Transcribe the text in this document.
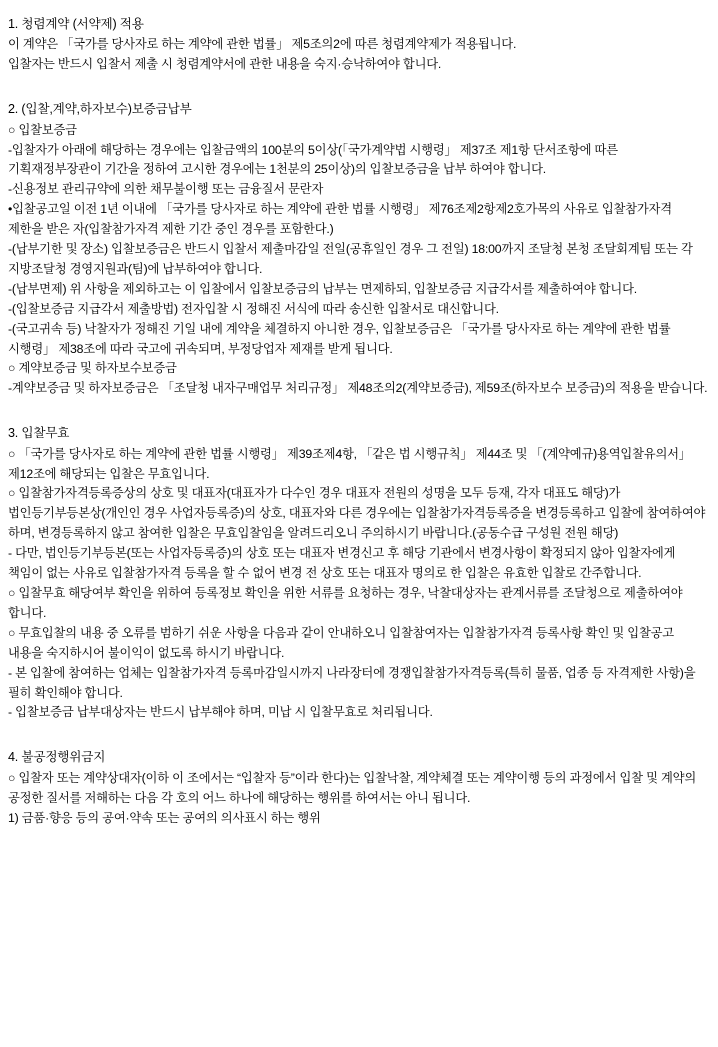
1. 청렴계약 (서약제) 적용

이 계약은 「국가를 당사자로 하는 계약에 관한 법률」 제5조의2에 따른 청렴계약제가 적용됩니다.

입찰자는 반드시 입찰서 제출 시 청렴계약서에 관한 내용을 숙지·승낙하여야 합니다.

2. (입찰,계약,하자보수)보증금납부

○ 입찰보증금

-입찰자가 아래에 해당하는 경우에는 입찰금액의 100분의 5이상(「국가계약법 시행령」 제37조 제1항 단서조항에 따른 기획재정부장관이 기간을 정하여 고시한 경우에는 1천분의 25이상)의 입찰보증금을 납부 하여야 합니다.

-신용정보 관리규약에 의한 채무불이행 또는 금융질서 문란자

•입찰공고일 이전 1년 이내에 「국가를 당사자로 하는 계약에 관한 법률 시행령」 제76조제2항제2호가목의 사유로 입찰참가자격 제한을 받은 자(입찰참가자격 제한 기간 중인 경우를 포함한다.)

-(납부기한 및 장소) 입찰보증금은 반드시 입찰서 제출마감일 전일(공휴일인 경우 그 전일) 18:00까지 조달청 본청 조달회계팀 또는 각 지방조달청 경영지원과(팀)에 납부하여야 합니다.

-(납부면제) 위 사항을 제외하고는 이 입찰에서 입찰보증금의 납부는 면제하되, 입찰보증금 지급각서를 제출하여야 합니다.

-(입찰보증금 지급각서 제출방법) 전자입찰 시 정해진 서식에 따라 송신한 입찰서로 대신합니다.

-(국고귀속 등) 낙찰자가 정해진 기일 내에 계약을 체결하지 아니한 경우, 입찰보증금은 「국가를 당사자로 하는 계약에 관한 법률 시행령」 제38조에 따라 국고에 귀속되며, 부정당업자 제재를 받게 됩니다.

○ 계약보증금 및 하자보수보증금

-계약보증금 및 하자보증금은 「조달청 내자구매업무 처리규정」 제48조의2(계약보증금), 제59조(하자보수 보증금)의 적용을 받습니다.

3. 입찰무효

○ 「국가를 당사자로 하는 계약에 관한 법률 시행령」 제39조제4항, 「같은 법 시행규칙」 제44조 및 「(계약예규)용역입찰유의서」 제12조에 해당되는 입찰은 무효입니다.

○ 입찰참가자격등록증상의 상호 및 대표자(대표자가 다수인 경우 대표자 전원의 성명을 모두 등재, 각자 대표도 해당)가 법인등기부등본상(개인인 경우 사업자등록증)의 상호, 대표자와 다른 경우에는 입찰참가자격등록증을 변경등록하고 입찰에 참여하여야 하며, 변경등록하지 않고 참여한 입찰은 무효입찰임을 알려드리오니 주의하시기 바랍니다.(공동수급 구성원 전원 해당)

- 다만, 법인등기부등본(또는 사업자등록증)의 상호 또는 대표자 변경신고 후 해당 기관에서 변경사항이 확정되지 않아 입찰자에게 책임이 없는 사유로 입찰참가자격 등록을 할 수 없어 변경 전 상호 또는 대표자 명의로 한 입찰은 유효한 입찰로 간주합니다.

○ 입찰무효 해당여부 확인을 위하여 등록정보 확인을 위한 서류를 요청하는 경우, 낙찰대상자는 관계서류를 조달청으로 제출하여야 합니다.

○ 무효입찰의 내용 중 오류를 범하기 쉬운 사항을 다음과 같이 안내하오니 입찰참여자는 입찰참가자격 등록사항 확인 및 입찰공고 내용을 숙지하시어 불이익이 없도록 하시기 바랍니다.

- 본 입찰에 참여하는 업체는 입찰참가자격 등록마감일시까지 나라장터에 경쟁입찰참가자격등록(특히 물품, 업종 등 자격제한 사항)을 필히 확인해야 합니다.

- 입찰보증금 납부대상자는 반드시 납부해야 하며, 미납 시 입찰무효로 처리됩니다.

4. 불공정행위금지

○ 입찰자 또는 계약상대자(이하 이 조에서는 “입찰자 등”이라 한다)는 입찰낙찰, 계약체결 또는 계약이행 등의 과정에서 입찰 및 계약의 공정한 질서를 저해하는 다음 각 호의 어느 하나에 해당하는 행위를 하여서는 아니 됩니다.

1) 금품·향응 등의 공여·약속 또는 공여의 의사표시 하는 행위
